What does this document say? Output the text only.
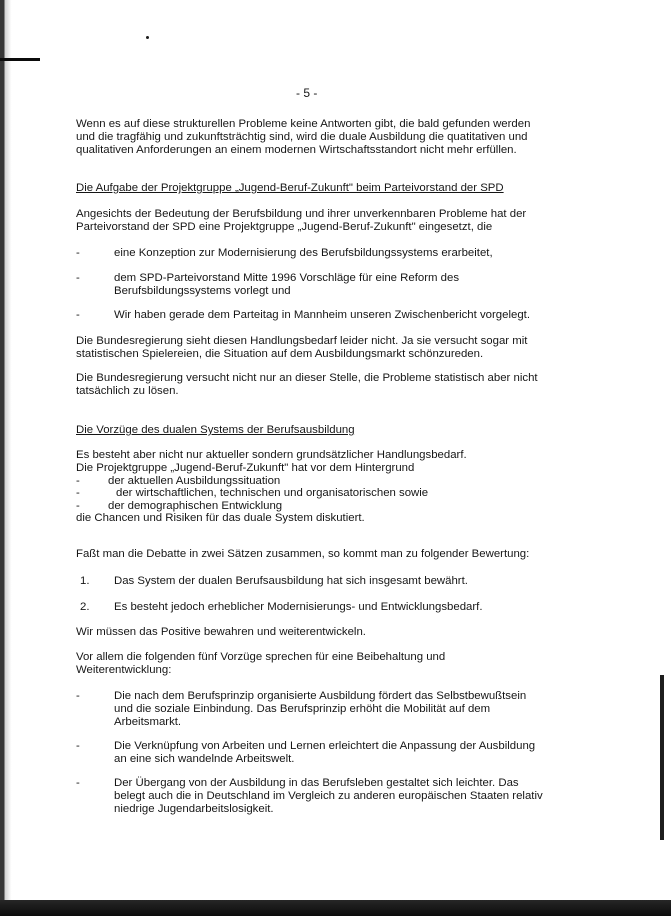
- 5 -

Wenn es auf diese strukturellen Probleme keine Antworten gibt, die bald gefunden werden und die tragfähig und zukunftsträchtig sind, wird die duale Ausbildung die quatitativen und qualitativen Anforderungen an einem modernen Wirtschaftsstandort nicht mehr erfüllen.

Die Aufgabe der Projektgruppe „Jugend-Beruf-Zukunft" beim Parteivorstand der SPD

Angesichts der Bedeutung der Berufsbildung und ihrer unverkennbaren Probleme hat der Parteivorstand der SPD eine Projektgruppe „Jugend-Beruf-Zukunft" eingesetzt, die

-	eine Konzeption zur Modernisierung des Berufsbildungssystems erarbeitet,
-	dem SPD-Parteivorstand Mitte 1996 Vorschläge für eine Reform des Berufsbildungssystems vorlegt und
-	Wir haben gerade dem Parteitag in Mannheim unseren Zwischenbericht vorgelegt.

Die Bundesregierung sieht diesen Handlungsbedarf leider nicht. Ja sie versucht sogar mit statistischen Spielereien, die Situation auf dem Ausbildungsmarkt schönzureden.

Die Bundesregierung versucht nicht nur an dieser Stelle, die Probleme statistisch aber nicht tatsächlich zu lösen.

Die Vorzüge des dualen Systems der Berufsausbildung
Es besteht aber nicht nur aktueller sondern grundsätzlicher Handlungsbedarf.
Die Projektgruppe „Jugend-Beruf-Zukunft" hat vor dem Hintergrund
- der aktuellen Ausbildungssituation
-	der wirtschaftlichen, technischen und organisatorischen sowie
- der demographischen Entwicklung
die Chancen und Risiken für das duale System diskutiert.

Faßt man die Debatte in zwei Sätzen zusammen, so kommt man zu folgender Bewertung:

1. Das System der dualen Berufsausbildung hat sich insgesamt bewährt.
2. Es besteht jedoch erheblicher Modernisierungs- und Entwicklungsbedarf.

Wir müssen das Positive bewahren und weiterentwickeln.

Vor allem die folgenden fünf Vorzüge sprechen für eine Beibehaltung und Weiterentwicklung:

-	Die nach dem Berufsprinzip organisierte Ausbildung fördert das Selbstbewußtsein und die soziale Einbindung. Das Berufsprinzip erhöht die Mobilität auf dem Arbeitsmarkt.
-	Die Verknüpfung von Arbeiten und Lernen erleichtert die Anpassung der Ausbildung an eine sich wandelnde Arbeitswelt.
-	Der Übergang von der Ausbildung in das Berufsleben gestaltet sich leichter. Das belegt auch die in Deutschland im Vergleich zu anderen europäischen Staaten relativ niedrige Jugendarbeitslosigkeit.
